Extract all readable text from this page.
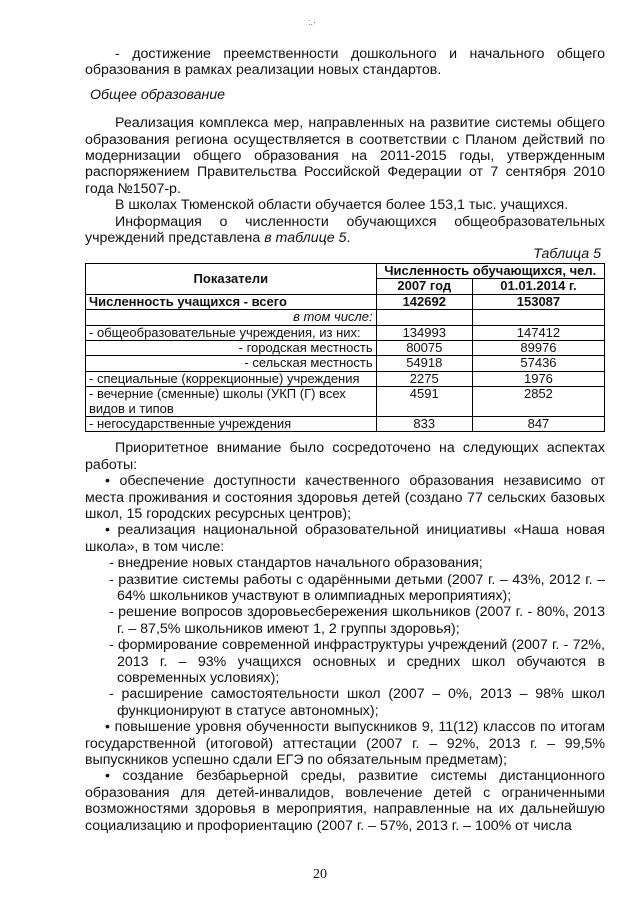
:.·

- достижение преемственности дошкольного и начального общего образования в рамках реализации новых стандартов.

Общее образование

Реализация комплекса мер, направленных на развитие системы общего образования региона осуществляется в соответствии с Планом действий по модернизации общего образования на 2011-2015 годы, утвержденным распоряжением Правительства Российской Федерации от 7 сентября 2010 года №1507-р.

В школах Тюменской области обучается более 153,1 тыс. учащихся.

Информация о численности обучающихся общеобразовательных учреждений представлена в таблице 5.

Таблица 5

Показатели	Численность обучающихся, чел.	
	2007 год	01.01.2014 г.
Численность учащихся - всего	142692	153087
в том числе:		
- общеобразовательные учреждения, из них:	134993	147412
- городская местность	80075	89976
- сельская местность	54918	57436
- специальные (коррекционные) учреждения	2275	1976
- вечерние (сменные) школы (УКП (Г) всех видов и типов	4591	2852
- негосударственные учреждения	833	847

Приоритетное внимание было сосредоточено на следующих аспектах работы:

• обеспечение доступности качественного образования независимо от места проживания и состояния здоровья детей (создано 77 сельских базовых школ, 15 городских ресурсных центров);

• реализация национальной образовательной инициативы «Наша новая школа», в том числе:

- внедрение новых стандартов начального образования;

- развитие системы работы с одарёнными детьми (2007 г. – 43%, 2012 г. – 64% школьников участвуют в олимпиадных мероприятиях);

- решение вопросов здоровьесбережения школьников (2007 г. - 80%, 2013 г. – 87,5% школьников имеют 1, 2 группы здоровья);

- формирование современной инфраструктуры учреждений (2007 г. - 72%, 2013 г. – 93% учащихся основных и средних школ обучаются в современных условиях);

- расширение самостоятельности школ (2007 – 0%, 2013 – 98% школ функционируют в статусе автономных);

• повышение уровня обученности выпускников 9, 11(12) классов по итогам государственной (итоговой) аттестации (2007 г. – 92%, 2013 г. – 99,5% выпускников успешно сдали ЕГЭ по обязательным предметам);

• создание безбарьерной среды, развитие системы дистанционного образования для детей-инвалидов, вовлечение детей с ограниченными возможностями здоровья в мероприятия, направленные на их дальнейшую социализацию и профориентацию (2007 г. – 57%, 2013 г. – 100% от числа

20
